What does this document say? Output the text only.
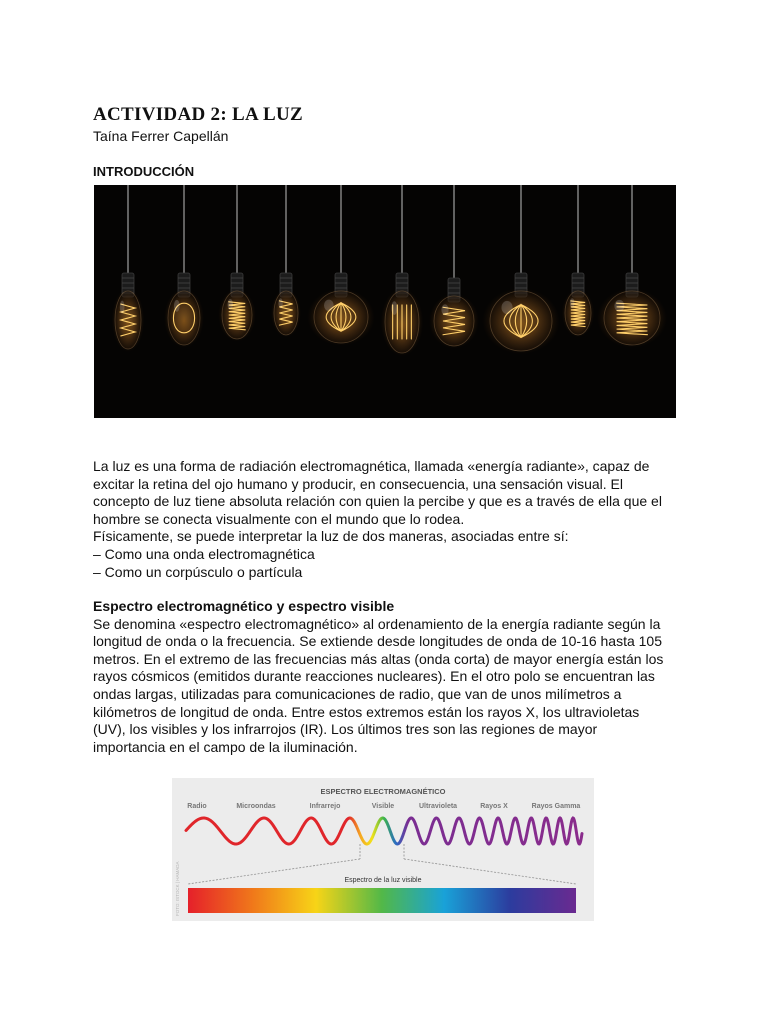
ACTIVIDAD 2: LA LUZ
Taína Ferrer Capellán
INTRODUCCIÓN
La luz es una forma de radiación electromagnética, llamada «energía radiante», capaz de
excitar la retina del ojo humano y producir, en consecuencia, una sensación visual. El
concepto de luz tiene absoluta relación con quien la percibe y que es a través de ella que el
hombre se conecta visualmente con el mundo que lo rodea.
Físicamente, se puede interpretar la luz de dos maneras, asociadas entre sí:
– Como una onda electromagnética
– Como un corpúsculo o partícula
Espectro electromagnético y espectro visible
Se denomina «espectro electromagnético» al ordenamiento de la energía radiante según la
longitud de onda o la frecuencia. Se extiende desde longitudes de onda de 10-16 hasta 105
metros. En el extremo de las frecuencias más altas (onda corta) de mayor energía están los
rayos cósmicos (emitidos durante reacciones nucleares). En el otro polo se encuentran las
ondas largas, utilizadas para comunicaciones de radio, que van de unos milímetros a
kilómetros de longitud de onda. Entre estos extremos están los rayos X, los ultravioletas
(UV), los visibles y los infrarrojos (IR). Los últimos tres son las regiones de mayor
importancia en el campo de la iluminación.
ESPECTRO ELECTROMAGNÉTICO
Radio	Microondas	Infrarrejo	Visible	Ultravioleta	Rayos X	Rayos Gamma
Espectro de la luz visible
FOTO: ISTOCK | HAMADA
